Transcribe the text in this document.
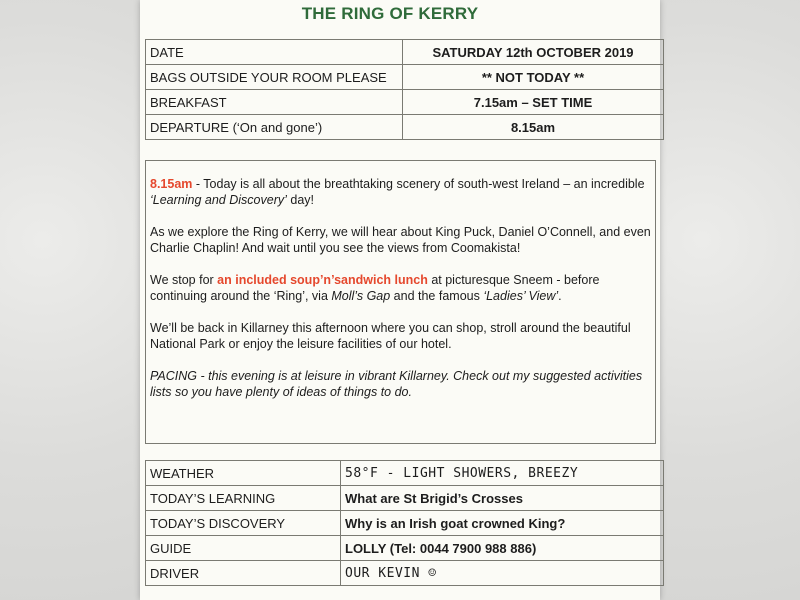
THE RING OF KERRY
DATE	SATURDAY 12th OCTOBER 2019
BAGS OUTSIDE YOUR ROOM PLEASE	** NOT TODAY **
BREAKFAST	7.15am – SET TIME
DEPARTURE (‘On and gone’)	8.15am

8.15am - Today is all about the breathtaking scenery of south-west Ireland – an incredible ‘Learning and Discovery’ day!

As we explore the Ring of Kerry, we will hear about King Puck, Daniel O’Connell, and even Charlie Chaplin! And wait until you see the views from Coomakista!

We stop for an included soup’n’sandwich lunch at picturesque Sneem - before continuing around the ‘Ring’, via Moll’s Gap and the famous ‘Ladies’ View’.

We’ll be back in Killarney this afternoon where you can shop, stroll around the beautiful National Park or enjoy the leisure facilities of our hotel.

PACING - this evening is at leisure in vibrant Killarney. Check out my suggested activities lists so you have plenty of ideas of things to do.

WEATHER	58°F - LIGHT SHOWERS, BREEZY
TODAY’S LEARNING	What are St Brigid’s Crosses
TODAY’S DISCOVERY	Why is an Irish goat crowned King?
GUIDE	LOLLY (Tel: 0044 7900 988 886)
DRIVER	OUR KEVIN ☺
